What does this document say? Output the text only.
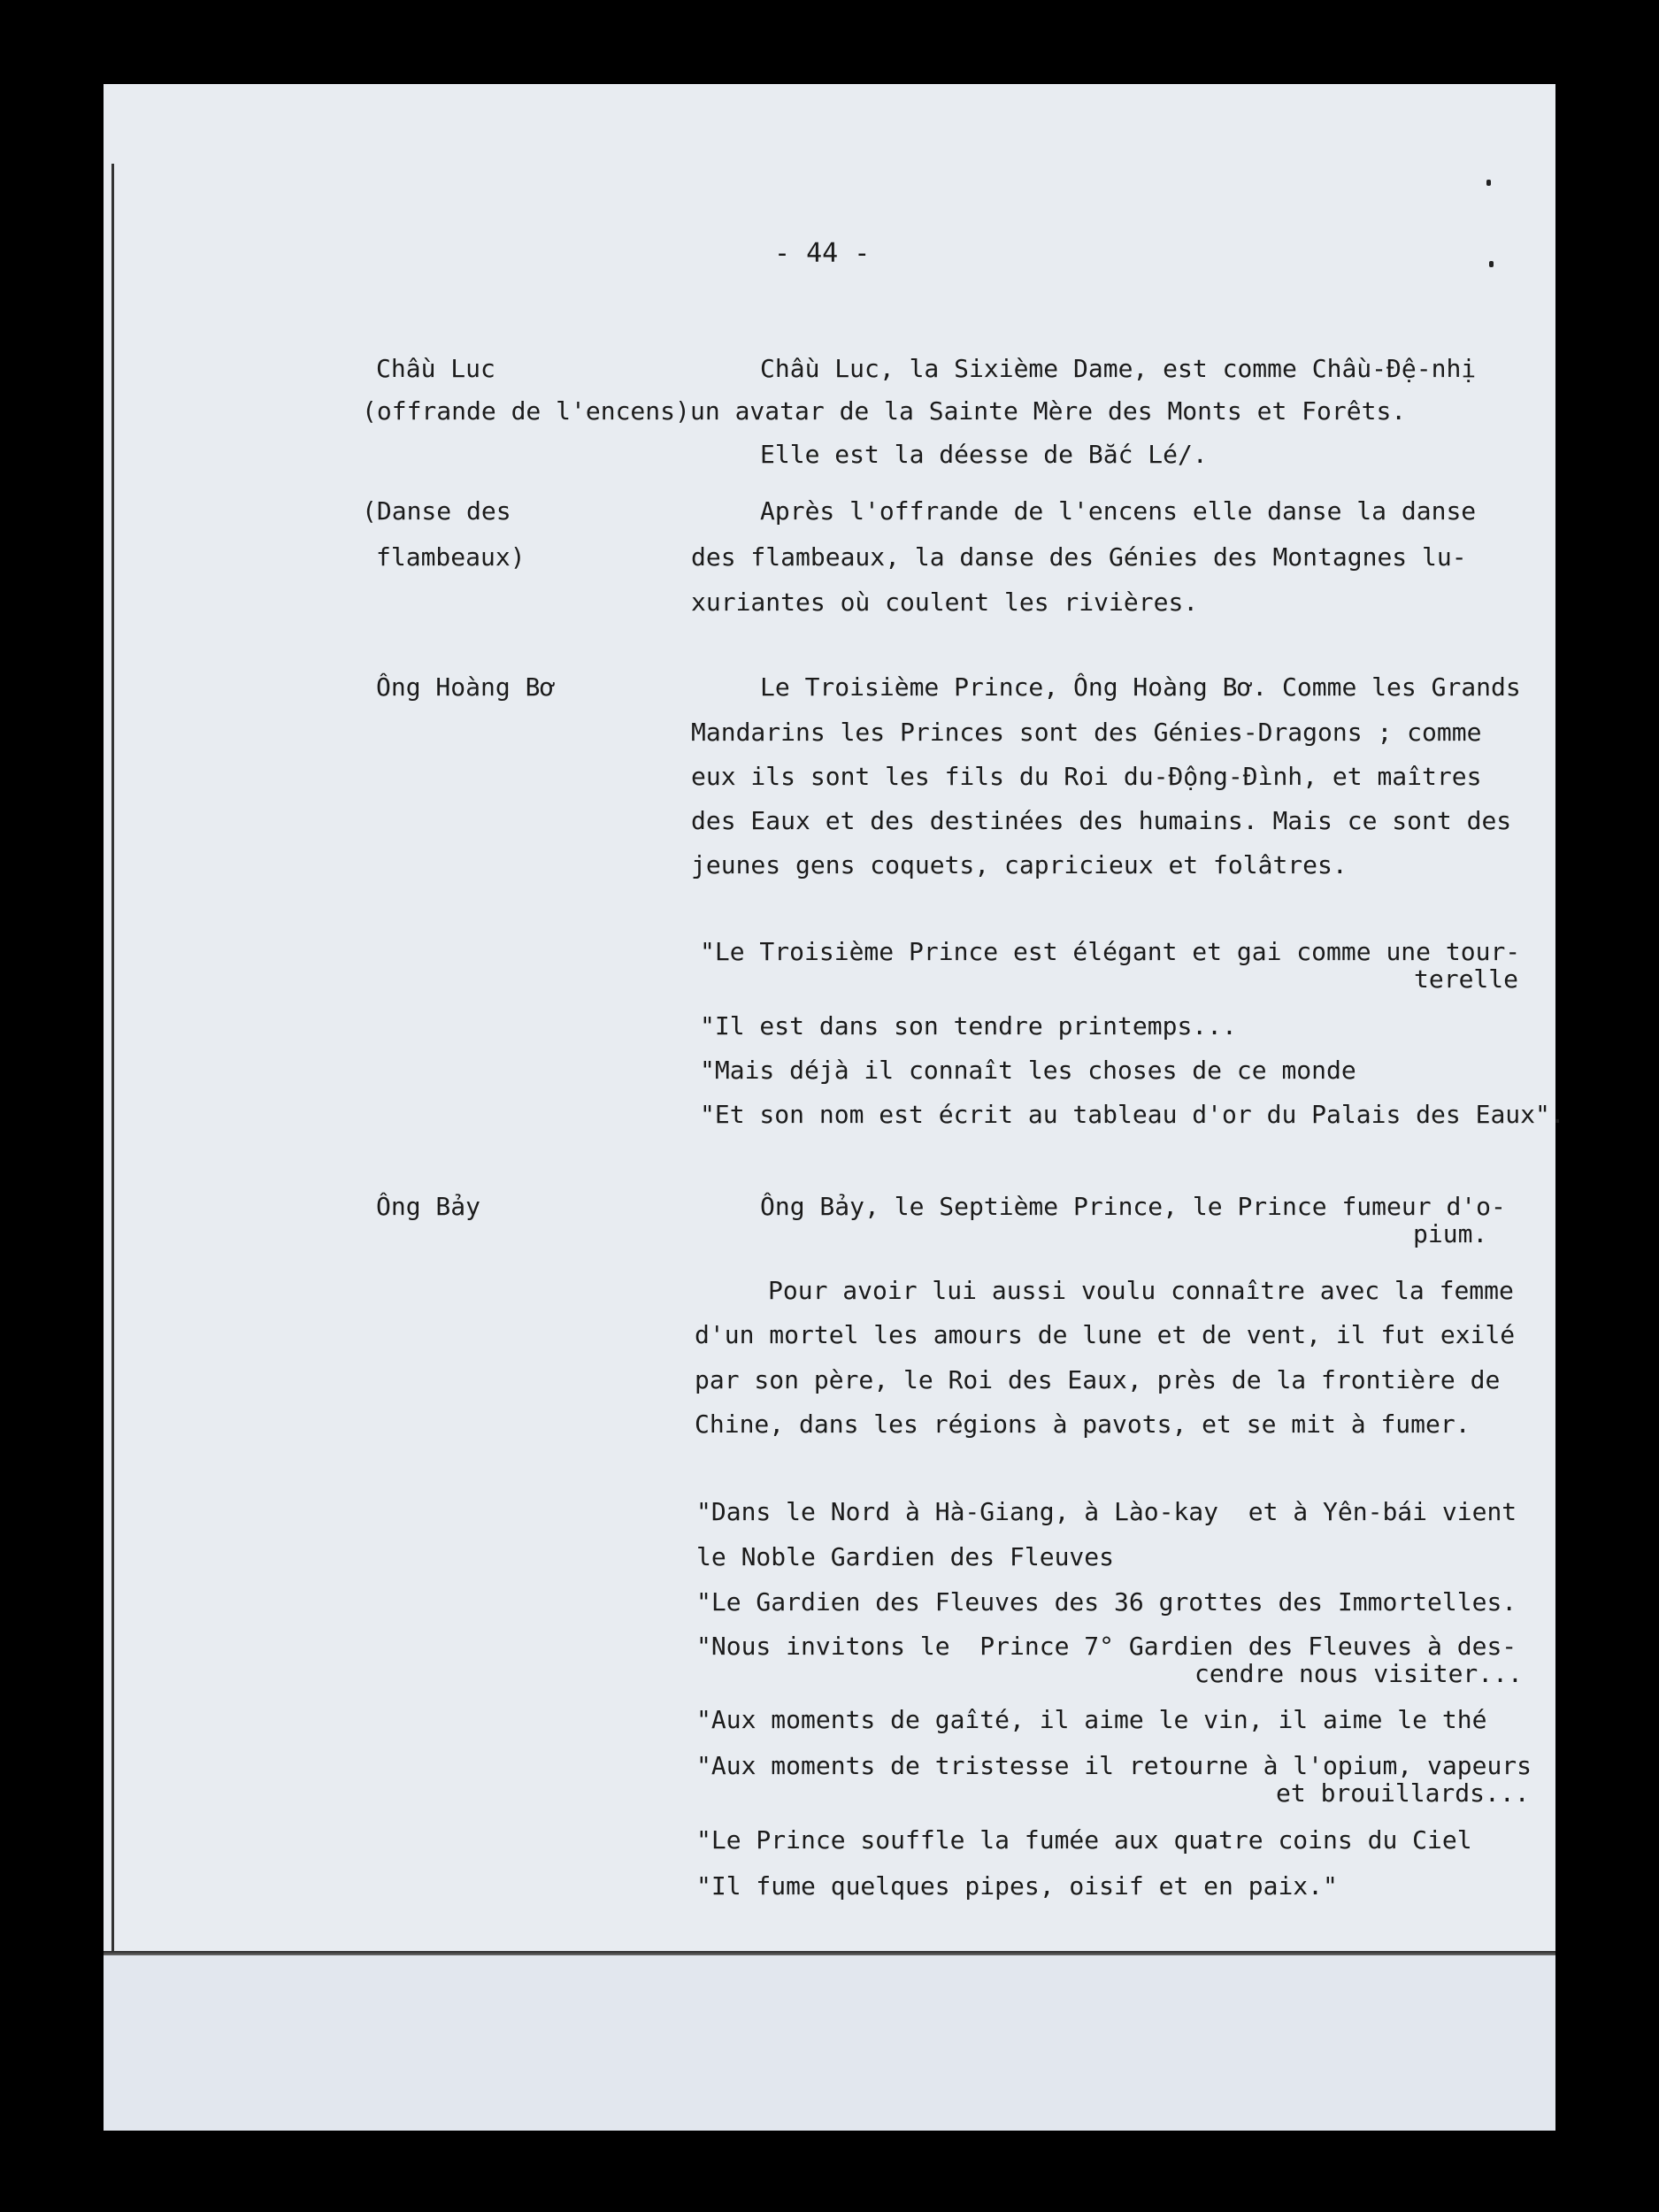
- 44 -
Chầu Luc
(offrande de l'encens)
(Danse des
flambeaux)
Ông Hoàng Bơ
Ông Bảy
Chầu Luc, la Sixième Dame, est comme Chầu-Đệ-nhị
un avatar de la Sainte Mère des Monts et Forêts.
Elle est la déesse de Bắc Lé/.
Après l'offrande de l'encens elle danse la danse
des flambeaux, la danse des Génies des Montagnes lu-
xuriantes où coulent les rivières.
Le Troisième Prince, Ông Hoàng Bơ. Comme les Grands
Mandarins les Princes sont des Génies-Dragons ; comme
eux ils sont les fils du Roi du-Động-Đình, et maîtres
des Eaux et des destinées des humains. Mais ce sont des
jeunes gens coquets, capricieux et folâtres.
"Le Troisième Prince est élégant et gai comme une tour-
terelle
"Il est dans son tendre printemps...
"Mais déjà il connaît les choses de ce monde
"Et son nom est écrit au tableau d'or du Palais des Eaux".
Ông Bảy, le Septième Prince, le Prince fumeur d'o-
pium.
Pour avoir lui aussi voulu connaître avec la femme
d'un mortel les amours de lune et de vent, il fut exilé
par son père, le Roi des Eaux, près de la frontière de
Chine, dans les régions à pavots, et se mit à fumer.
"Dans le Nord à Hà-Giang, à Lào-kay  et à Yên-bái vient
le Noble Gardien des Fleuves
"Le Gardien des Fleuves des 36 grottes des Immortelles.
"Nous invitons le  Prince 7° Gardien des Fleuves à des-
cendre nous visiter...
"Aux moments de gaîté, il aime le vin, il aime le thé
"Aux moments de tristesse il retourne à l'opium, vapeurs
et brouillards...
"Le Prince souffle la fumée aux quatre coins du Ciel
"Il fume quelques pipes, oisif et en paix."
